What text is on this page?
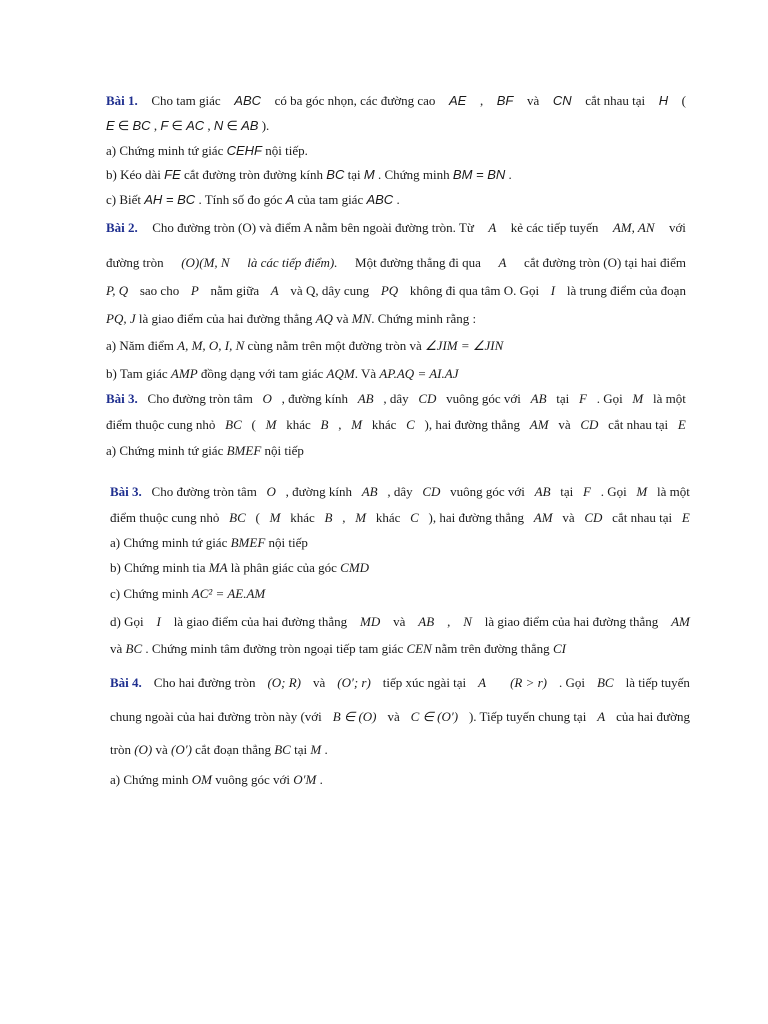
Bài 1. Cho tam giác ABC có ba góc nhọn, các đường cao AE , BF và CN cắt nhau tại H (
E ∈ BC , F ∈ AC , N ∈ AB ).
a) Chứng minh tứ giác CEHF nội tiếp.
b) Kéo dài FE cắt đường tròn đường kính BC tại M . Chứng minh BM = BN .
c) Biết AH = BC . Tính số đo góc A của tam giác ABC .
Bài 2. Cho đường tròn (O) và điểm A nằm bên ngoài đường tròn. Từ A kẻ các tiếp tuyến AM, AN với
đường tròn (O)(M, N là các tiếp điểm). Một đường thẳng đi qua A cắt đường tròn (O) tại hai điểm
P, Q sao cho P nằm giữa A và Q, dây cung PQ không đi qua tâm O. Gọi I là trung điểm của đoạn
PQ, J là giao điểm của hai đường thẳng AQ và MN. Chứng minh rằng :
a) Năm điểm A, M, O, I, N cùng nằm trên một đường tròn và ∠JIM = ∠JIN
b) Tam giác AMP đồng dạng với tam giác AQM. Và AP.AQ = AI.AJ
Bài 3. Cho đường tròn tâm O , đường kính AB , dây CD vuông góc với AB tại F . Gọi M là một
điểm thuộc cung nhỏ BC ( M khác B , M khác C ), hai đường thẳng AM và CD cắt nhau tại E
a) Chứng minh tứ giác BMEF nội tiếp
Bài 3. Cho đường tròn tâm O , đường kính AB , dây CD vuông góc với AB tại F . Gọi M là một
điểm thuộc cung nhỏ BC ( M khác B , M khác C ), hai đường thẳng AM và CD cắt nhau tại E
a) Chứng minh tứ giác BMEF nội tiếp
b) Chứng minh tia MA là phân giác của góc CMD
c) Chứng minh AC² = AE.AM
d) Gọi I là giao điểm của hai đường thẳng MD và AB , N là giao điểm của hai đường thẳng AM
và BC . Chứng minh tâm đường tròn ngoại tiếp tam giác CEN nằm trên đường thẳng CI
Bài 4. Cho hai đường tròn (O; R) và (O′; r) tiếp xúc ngài tại A (R > r) . Gọi BC là tiếp tuyến
chung ngoài của hai đường tròn này (với B ∈ (O) và C ∈ (O′) ). Tiếp tuyến chung tại A của hai đường
tròn (O) và (O′) cắt đoạn thẳng BC tại M .
a) Chứng minh OM vuông góc với O′M .
